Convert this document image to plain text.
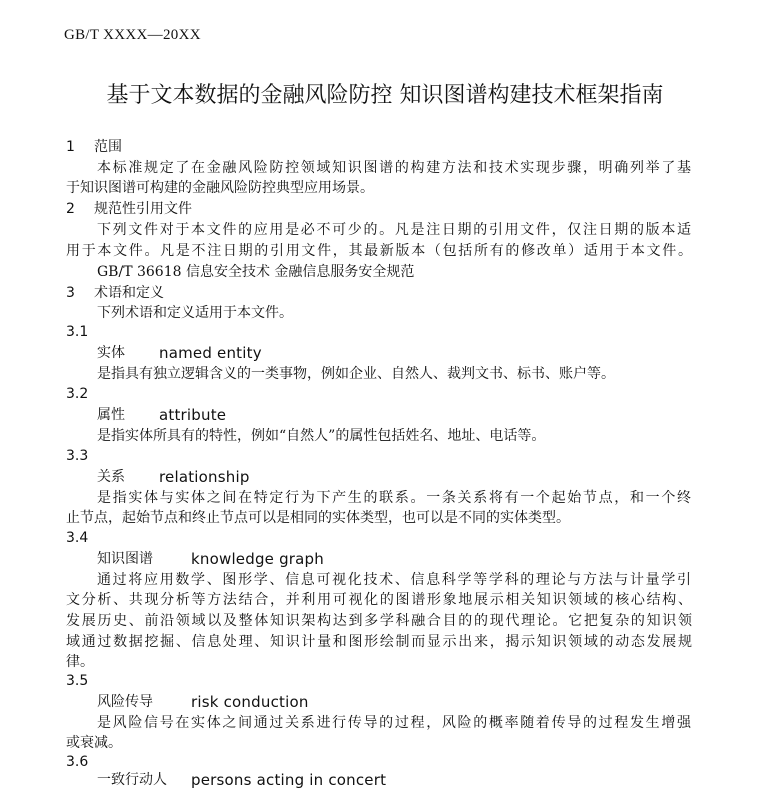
GB/T XXXX—20XX
基于文本数据的金融风险防控 知识图谱构建技术框架指南
1 范围
本标准规定了在金融风险防控领域知识图谱的构建方法和技术实现步骤，明确列举了基
于知识图谱可构建的金融风险防控典型应用场景。
2 规范性引用文件
下列文件对于本文件的应用是必不可少的。凡是注日期的引用文件，仅注日期的版本适
用于本文件。凡是不注日期的引用文件，其最新版本（包括所有的修改单）适用于本文件。
GB/T 36618 信息安全技术 金融信息服务安全规范
3 术语和定义
下列术语和定义适用于本文件。
3.1
实体 named entity
是指具有独立逻辑含义的一类事物，例如企业、自然人、裁判文书、标书、账户等。
3.2
属性 attribute
是指实体所具有的特性，例如“自然人”的属性包括姓名、地址、电话等。
3.3
关系 relationship
是指实体与实体之间在特定行为下产生的联系。一条关系将有一个起始节点，和一个终
止节点，起始节点和终止节点可以是相同的实体类型，也可以是不同的实体类型。
3.4
知识图谱	knowledge graph
通过将应用数学、图形学、信息可视化技术、信息科学等学科的理论与方法与计量学引
文分析、共现分析等方法结合，并利用可视化的图谱形象地展示相关知识领域的核心结构、
发展历史、前沿领域以及整体知识架构达到多学科融合目的的现代理论。它把复杂的知识领
域通过数据挖掘、信息处理、知识计量和图形绘制而显示出来，揭示知识领域的动态发展规
律。
3.5
风险传导	risk conduction
是风险信号在实体之间通过关系进行传导的过程，风险的概率随着传导的过程发生增强
或衰减。
3.6
一致行动人 persons acting in concert
